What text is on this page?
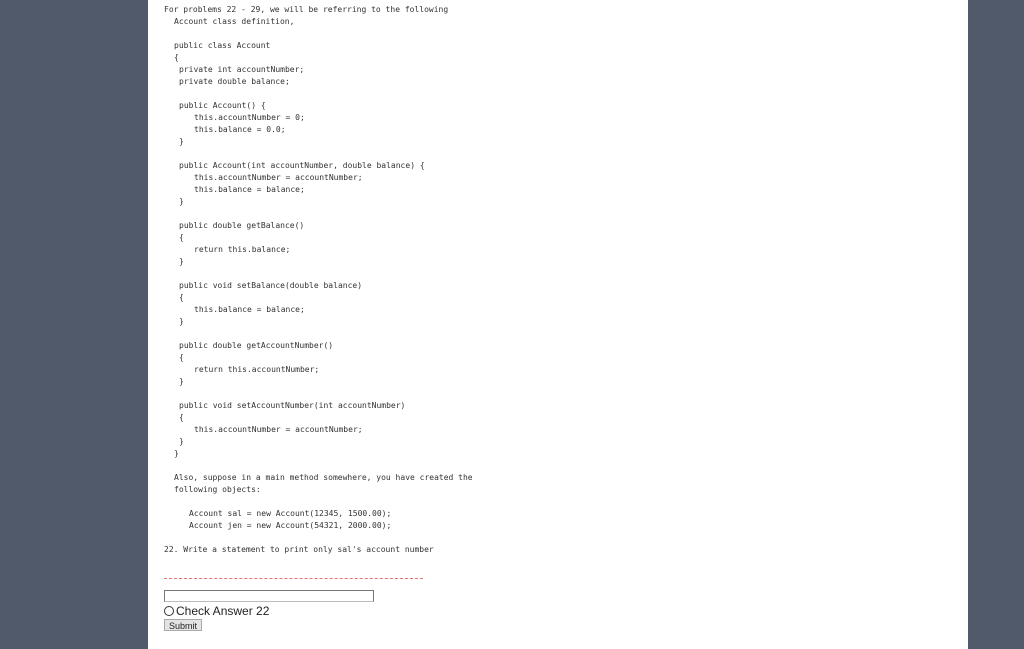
For problems 22 - 29, we will be referring to the following
Account class definition,
public class Account
{
private int accountNumber;
private double balance;
public Account() {
this.accountNumber = 0;
this.balance = 0.0;
}
public Account(int accountNumber, double balance) {
this.accountNumber = accountNumber;
this.balance = balance;
}
public double getBalance()
{
return this.balance;
}
public void setBalance(double balance)
{
this.balance = balance;
}
public double getAccountNumber()
{
return this.accountNumber;
}
public void setAccountNumber(int accountNumber)
{
this.accountNumber = accountNumber;
}
}
Also, suppose in a main method somewhere, you have created the
following objects:
Account sal = new Account(12345, 1500.00);
Account jen = new Account(54321, 2000.00);
22. Write a statement to print only sal's account number
Check Answer 22
Submit
